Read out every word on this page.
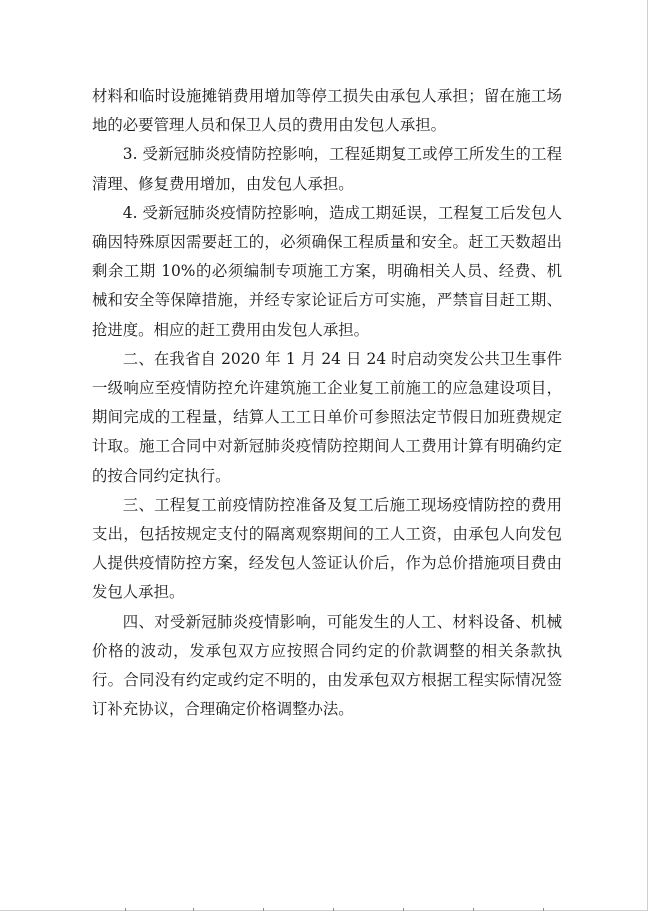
材料和临时设施摊销费用增加等停工损失由承包人承担；留在施工场地的必要管理人员和保卫人员的费用由发包人承担。

3. 受新冠肺炎疫情防控影响，工程延期复工或停工所发生的工程清理、修复费用增加，由发包人承担。

4. 受新冠肺炎疫情防控影响，造成工期延误，工程复工后发包人确因特殊原因需要赶工的，必须确保工程质量和安全。赶工天数超出剩余工期 10%的必须编制专项施工方案，明确相关人员、经费、机械和安全等保障措施，并经专家论证后方可实施，严禁盲目赶工期、抢进度。相应的赶工费用由发包人承担。

二、在我省自 2020 年 1 月 24 日 24 时启动突发公共卫生事件一级响应至疫情防控允许建筑施工企业复工前施工的应急建设项目，期间完成的工程量，结算人工工日单价可参照法定节假日加班费规定计取。施工合同中对新冠肺炎疫情防控期间人工费用计算有明确约定的按合同约定执行。

三、工程复工前疫情防控准备及复工后施工现场疫情防控的费用支出，包括按规定支付的隔离观察期间的工人工资，由承包人向发包人提供疫情防控方案，经发包人签证认价后，作为总价措施项目费由发包人承担。

四、对受新冠肺炎疫情影响，可能发生的人工、材料设备、机械价格的波动，发承包双方应按照合同约定的价款调整的相关条款执行。合同没有约定或约定不明的，由发承包双方根据工程实际情况签订补充协议，合理确定价格调整办法。
